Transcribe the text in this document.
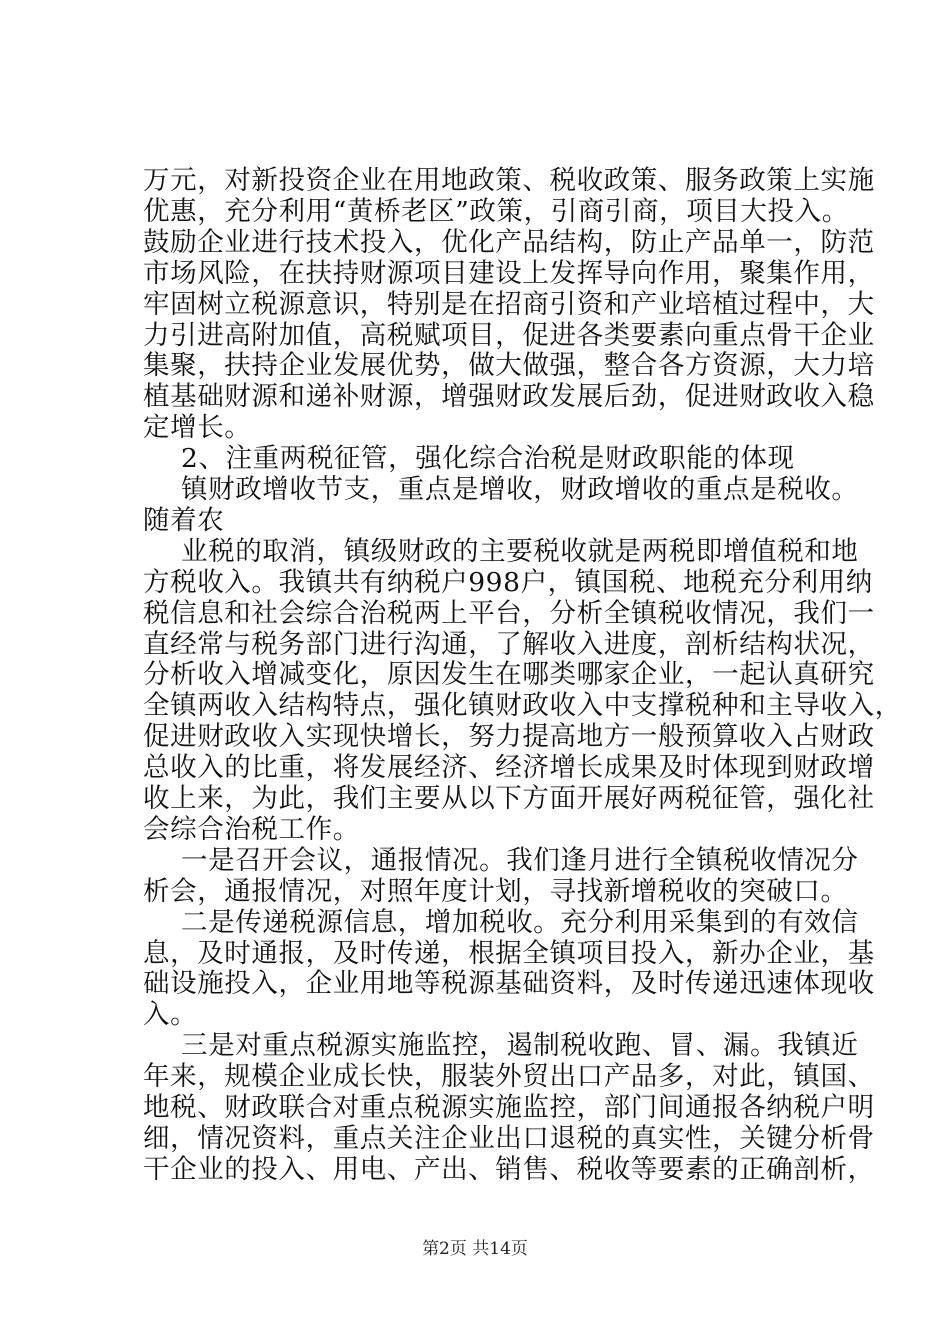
万元，对新投资企业在用地政策、税收政策、服务政策上实施
优惠，充分利用“黄桥老区”政策，引商引商，项目大投入。
鼓励企业进行技术投入，优化产品结构，防止产品单一，防范
市场风险，在扶持财源项目建设上发挥导向作用，聚集作用，
牢固树立税源意识，特别是在招商引资和产业培植过程中，大
力引进高附加值，高税赋项目，促进各类要素向重点骨干企业
集聚，扶持企业发展优势，做大做强，整合各方资源，大力培
植基础财源和递补财源，增强财政发展后劲，促进财政收入稳
定增长。
2、注重两税征管，强化综合治税是财政职能的体现
镇财政增收节支，重点是增收，财政增收的重点是税收。
随着农
业税的取消，镇级财政的主要税收就是两税即增值税和地
方税收入。我镇共有纳税户998户，镇国税、地税充分利用纳
税信息和社会综合治税两上平台，分析全镇税收情况，我们一
直经常与税务部门进行沟通，了解收入进度，剖析结构状况，
分析收入增减变化，原因发生在哪类哪家企业，一起认真研究
全镇两收入结构特点，强化镇财政收入中支撑税种和主导收入，
促进财政收入实现快增长，努力提高地方一般预算收入占财政
总收入的比重，将发展经济、经济增长成果及时体现到财政增
收上来，为此，我们主要从以下方面开展好两税征管，强化社
会综合治税工作。
一是召开会议，通报情况。我们逢月进行全镇税收情况分
析会，通报情况，对照年度计划，寻找新增税收的突破口。
二是传递税源信息，增加税收。充分利用采集到的有效信
息，及时通报，及时传递，根据全镇项目投入，新办企业，基
础设施投入，企业用地等税源基础资料，及时传递迅速体现收
入。
三是对重点税源实施监控，遏制税收跑、冒、漏。我镇近
年来，规模企业成长快，服装外贸出口产品多，对此，镇国、
地税、财政联合对重点税源实施监控，部门间通报各纳税户明
细，情况资料，重点关注企业出口退税的真实性，关键分析骨
干企业的投入、用电、产出、销售、税收等要素的正确剖析，
第2页 共14页
